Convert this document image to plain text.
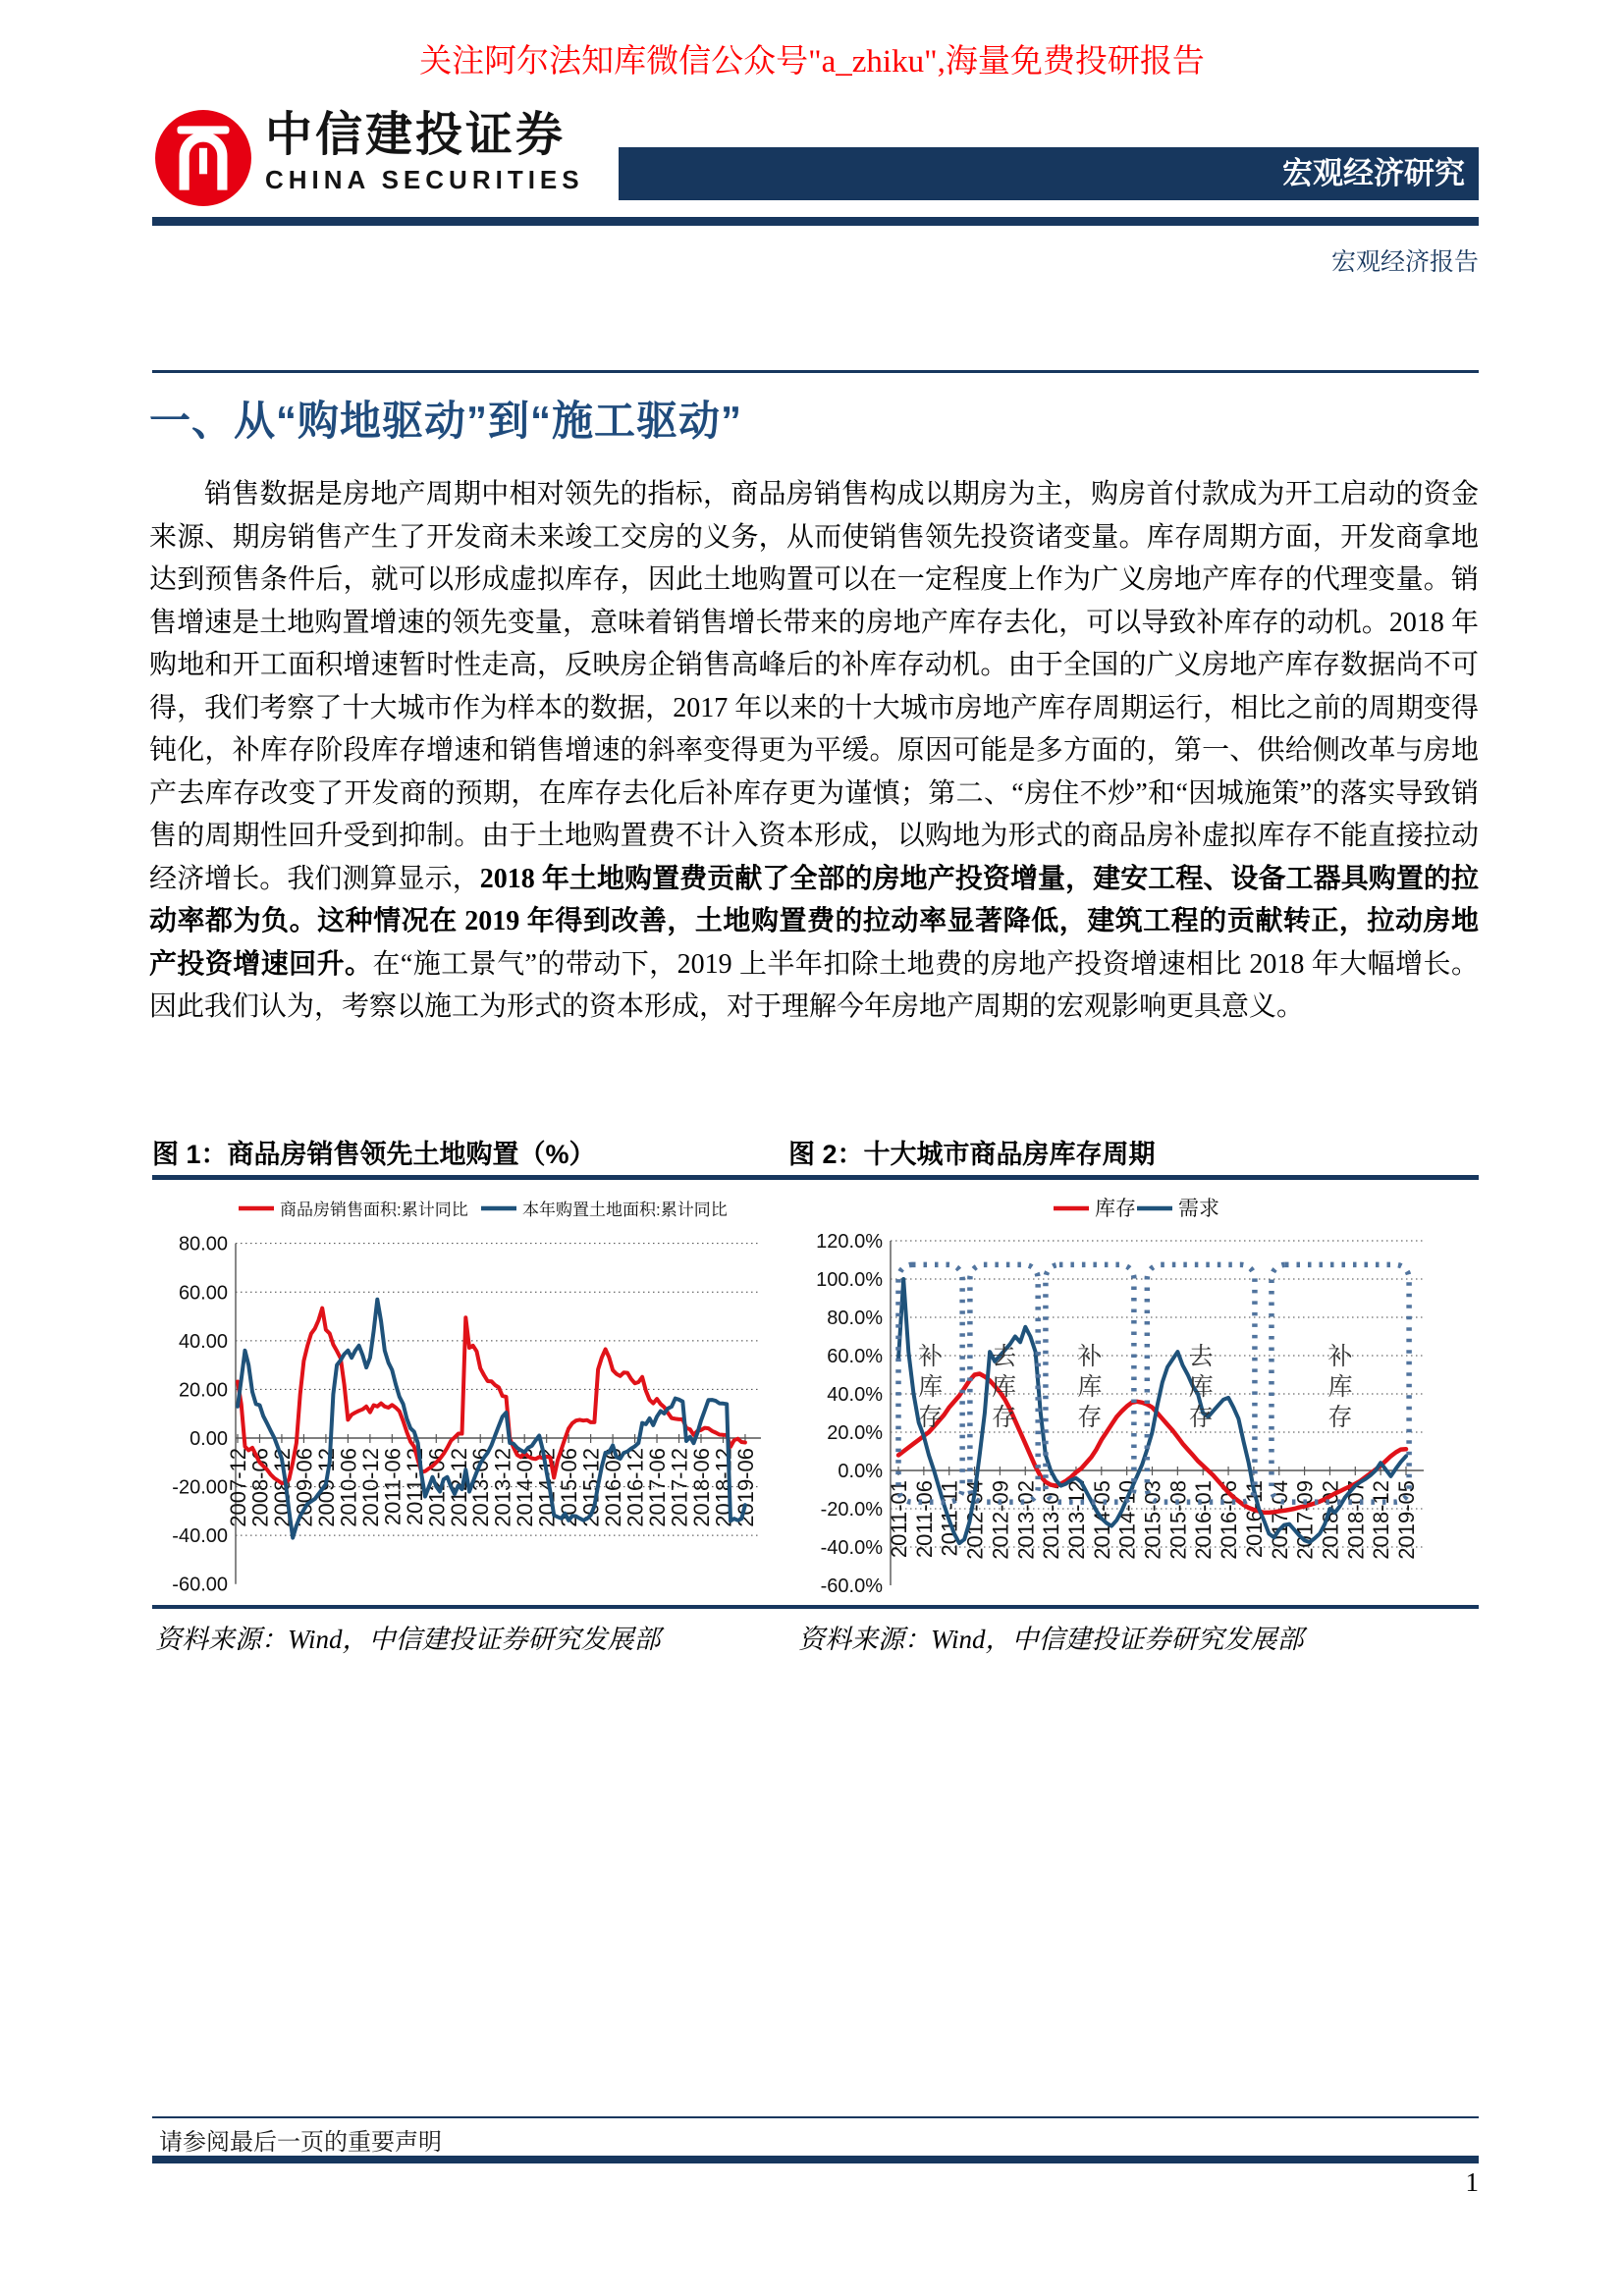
关注阿尔法知库微信公众号"a_zhiku",海量免费投研报告
中信建投证券
CHINA SECURITIES	宏观经济研究
宏观经济报告
一、从“购地驱动”到“施工驱动”
销售数据是房地产周期中相对领先的指标，商品房销售构成以期房为主，购房首付款成为开工启动的资金来源、期房销售产生了开发商未来竣工交房的义务，从而使销售领先投资诸变量。库存周期方面，开发商拿地达到预售条件后，就可以形成虚拟库存，因此土地购置可以在一定程度上作为广义房地产库存的代理变量。销售增速是土地购置增速的领先变量，意味着销售增长带来的房地产库存去化，可以导致补库存的动机。2018 年购地和开工面积增速暂时性走高，反映房企销售高峰后的补库存动机。由于全国的广义房地产库存数据尚不可得，我们考察了十大城市作为样本的数据，2017 年以来的十大城市房地产库存周期运行，相比之前的周期变得钝化，补库存阶段库存增速和销售增速的斜率变得更为平缓。原因可能是多方面的，第一、供给侧改革与房地产去库存改变了开发商的预期，在库存去化后补库存更为谨慎；第二、“房住不炒”和“因城施策”的落实导致销售的周期性回升受到抑制。由于土地购置费不计入资本形成，以购地为形式的商品房补虚拟库存不能直接拉动经济增长。我们测算显示，2018 年土地购置费贡献了全部的房地产投资增量，建安工程、设备工器具购置的拉动率都为负。这种情况在 2019 年得到改善，土地购置费的拉动率显著降低，建筑工程的贡献转正，拉动房地产投资增速回升。在“施工景气”的带动下，2019 上半年扣除土地费的房地产投资增速相比 2018 年大幅增长。因此我们认为，考察以施工为形式的资本形成，对于理解今年房地产周期的宏观影响更具意义。
图 1：商品房销售领先土地购置（%）	图 2：十大城市商品房库存周期
80.00
60.00
40.00
20.00
0.00
-20.00
-40.00
-60.00
2007-12
2008-06
2008-12
2009-06
2009-12
2010-06
2010-12
2011-06
2011-12
2012-06
2012-12
2013-06
2013-12
2014-06
2014-12
2015-06
2015-12
2016-06
2016-12
2017-06
2017-12
2018-06
2018-12
2019-06
商品房销售面积:累计同比	本年购置土地面积:累计同比
120.0%
100.0%
80.0%
60.0%
40.0%
20.0%
0.0%
-20.0%
-40.0%
-60.0%
2011-01 2011-06 2011-11 2012-04 2012-09 2013-02 2013-07 2013-12 2014-05 2014-10 2015-03 2015-08 2016-01 2016-06 2016-11 2017-04 2017-09 2018-02 2018-07 2018-12 2019-05
补
库
存
去
库
存
补
库
存
去
库
存
补
库
存
库存 需求
资料来源：Wind，中信建投证券研究发展部	资料来源：Wind，中信建投证券研究发展部
请参阅最后一页的重要声明
1
